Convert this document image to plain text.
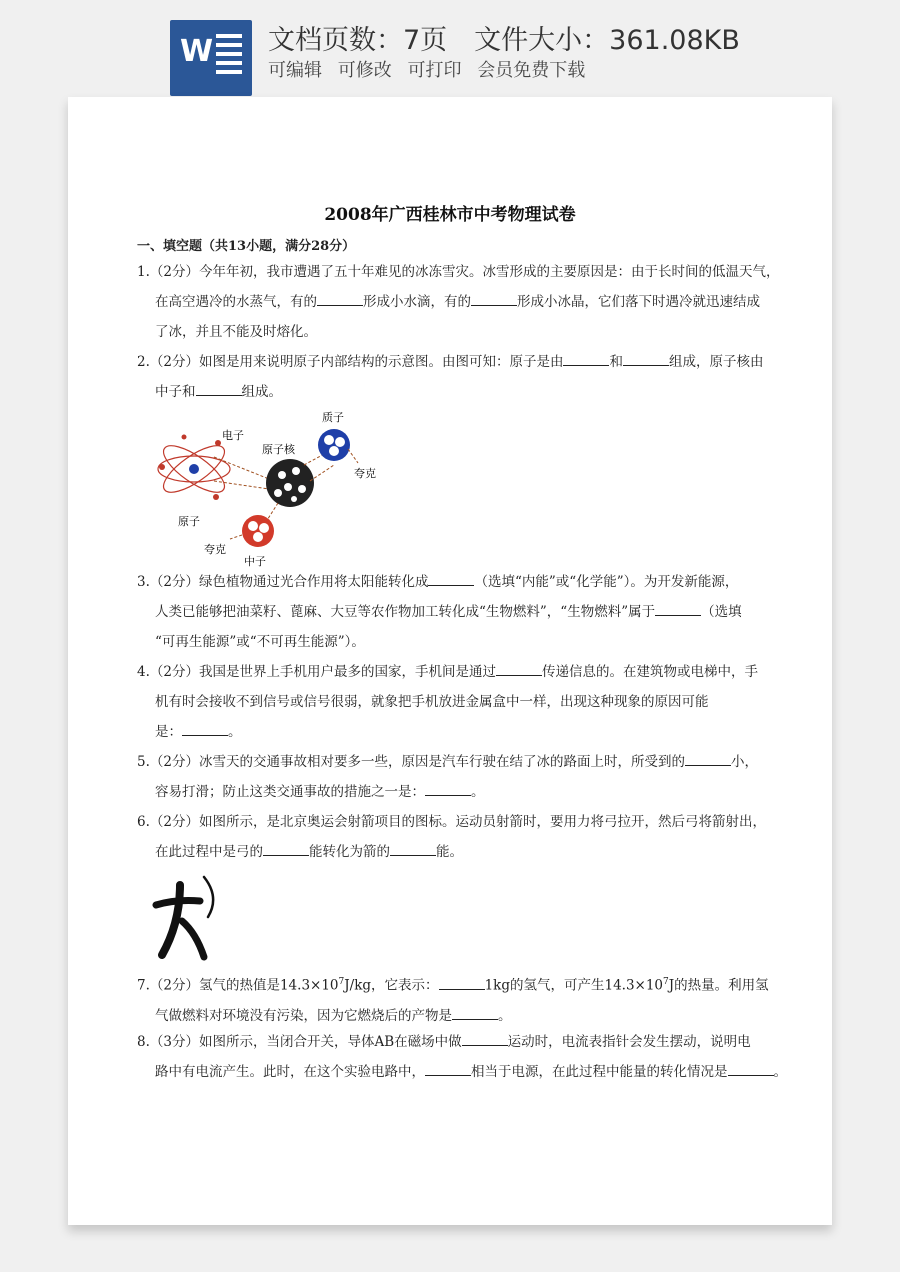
W 文档页数：7页　文件大小：361.08KB
可编辑 可修改 可打印 会员免费下载
2008年广西桂林市中考物理试卷
一、填空题（共13小题，满分28分）
1.（2分）今年年初，我市遭遇了五十年难见的冰冻雪灾。冰雪形成的主要原因是：由于长时间的低温天气，
在高空遇冷的水蒸气，有的	形成小水滴，有的	形成小冰晶，它们落下时遇冷就迅速结成
了冰，并且不能及时熔化。
2.（2分）如图是用来说明原子内部结构的示意图。由图可知：原子是由	和	组成，原子核由
中子和	组成。
电子
原子核
质子
夸克
原子
夸克
中子
3.（2分）绿色植物通过光合作用将太阳能转化成	（选填“内能”或“化学能”）。为开发新能源，
人类已能够把油菜籽、蓖麻、大豆等农作物加工转化成“生物燃料”，“生物燃料”属于	（选填
“可再生能源”或“不可再生能源”）。
4.（2分）我国是世界上手机用户最多的国家，手机间是通过	传递信息的。在建筑物或电梯中，手
机有时会接收不到信号或信号很弱，就象把手机放进金属盒中一样，出现这种现象的原因可能
是：	。
5.（2分）冰雪天的交通事故相对要多一些，原因是汽车行驶在结了冰的路面上时，所受到的	小，
容易打滑；防止这类交通事故的措施之一是：	。
6.（2分）如图所示，是北京奥运会射箭项目的图标。运动员射箭时，要用力将弓拉开，然后弓将箭射出，
在此过程中是弓的	能转化为箭的	能。
7.（2分）氢气的热值是$14.3\times 10^7J/kg$，它表示：	1kg的氢气，可产生$14.3\times 10^7J$的热量。利用氢
气做燃料对环境没有污染，因为它燃烧后的产物是	。
8.（3分）如图所示，当闭合开关，导体AB在磁场中做	运动时，电流表指针会发生摆动，说明电
路中有电流产生。此时，在这个实验电路中，	相当于电源，在此过程中能量的转化情况是	。
